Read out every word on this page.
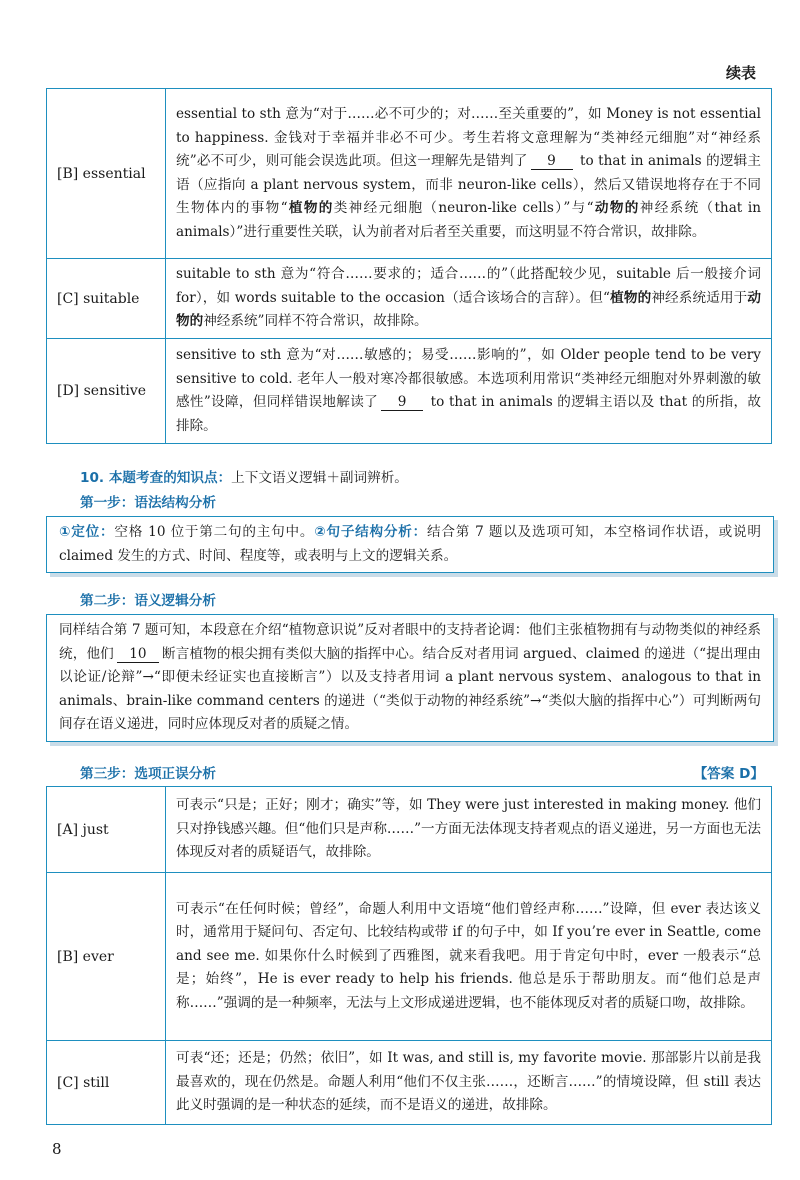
续表
[B] essential	essential to sth 意为“对于……必不可少的；对……至关重要的”，如 Money is not essential to happiness. 金钱对于幸福并非必不可少。考生若将文意理解为“类神经元细胞”对“神经系统”必不可少，则可能会误选此项。但这一理解先是错判了 9 to that in animals 的逻辑主语（应指向 a plant nervous system，而非 neuron-like cells），然后又错误地将存在于不同生物体内的事物“植物的类神经元细胞（neuron-like cells）”与“动物的神经系统（that in animals）”进行重要性关联，认为前者对后者至关重要，而这明显不符合常识，故排除。
[C] suitable	suitable to sth 意为“符合……要求的；适合……的”（此搭配较少见，suitable 后一般接介词 for），如 words suitable to the occasion（适合该场合的言辞）。但“植物的神经系统适用于动物的神经系统”同样不符合常识，故排除。
[D] sensitive	sensitive to sth 意为“对……敏感的；易受……影响的”，如 Older people tend to be very sensitive to cold. 老年人一般对寒冷都很敏感。本选项利用常识“类神经元细胞对外界刺激的敏感性”设障，但同样错误地解读了 9 to that in animals 的逻辑主语以及 that 的所指，故排除。
10. 本题考查的知识点：上下文语义逻辑＋副词辨析。
第一步：语法结构分析
①定位：空格 10 位于第二句的主句中。②句子结构分析：结合第 7 题以及选项可知，本空格词作状语，或说明 claimed 发生的方式、时间、程度等，或表明与上文的逻辑关系。
第二步：语义逻辑分析
同样结合第 7 题可知，本段意在介绍“植物意识说”反对者眼中的支持者论调：他们主张植物拥有与动物类似的神经系统，他们 10 断言植物的根尖拥有类似大脑的指挥中心。结合反对者用词 argued、claimed 的递进（“提出理由以论证/论辩”→“即便未经证实也直接断言”）以及支持者用词 a plant nervous system、analogous to that in animals、brain-like command centers 的递进（“类似于动物的神经系统”→“类似大脑的指挥中心”）可判断两句间存在语义递进，同时应体现反对者的质疑之情。
第三步：选项正误分析	【答案 D】
[A] just	可表示“只是；正好；刚才；确实”等，如 They were just interested in making money. 他们只对挣钱感兴趣。但“他们只是声称……”一方面无法体现支持者观点的语义递进，另一方面也无法体现反对者的质疑语气，故排除。
[B] ever	可表示“在任何时候；曾经”，命题人利用中文语境“他们曾经声称……”设障，但 ever 表达该义时，通常用于疑问句、否定句、比较结构或带 if 的句子中，如 If you’re ever in Seattle, come and see me. 如果你什么时候到了西雅图，就来看我吧。用于肯定句中时，ever 一般表示“总是；始终”，He is ever ready to help his friends. 他总是乐于帮助朋友。而“他们总是声称……”强调的是一种频率，无法与上文形成递进逻辑，也不能体现反对者的质疑口吻，故排除。
[C] still	可表“还；还是；仍然；依旧”，如 It was, and still is, my favorite movie. 那部影片以前是我最喜欢的，现在仍然是。命题人利用“他们不仅主张……，还断言……”的情境设障，但 still 表达此义时强调的是一种状态的延续，而不是语义的递进，故排除。
8
